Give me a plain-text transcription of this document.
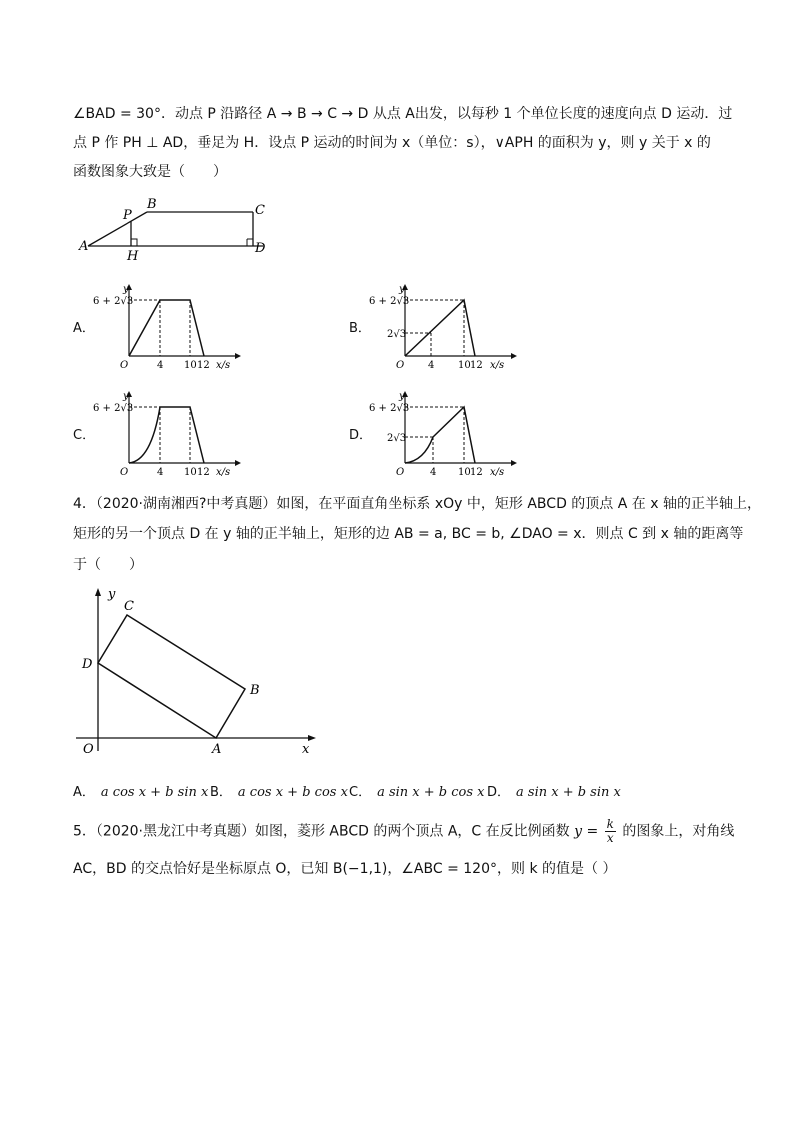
∠BAD = 30°．动点 P 沿路径 A → B → C → D 从点 A出发，以每秒 1 个单位长度的速度向点 D 运动．过
点 P 作 PH ⊥ AD，垂足为 H．设点 P 运动的时间为 x（单位：s），∨APH 的面积为 y，则 y 关于 x 的
函数图象大致是（　　）
P
B	C
A
H
D
A．
y
6 + 2√3
O	4 10 12 x/s
B．
y
6 + 2√3
2√3
O 4 10 12 x/s
C．
y
6 + 2√3
O	4 10 12 x/s
D．
y
6 + 2√3
2√3
O	4 10 12 x/s
4．（2020·湖南湘西?中考真题）如图，在平面直角坐标系 xOy 中，矩形 ABCD 的顶点 A 在 x 轴的正半轴上，
矩形的另一个顶点 D 在 y 轴的正半轴上，矩形的边 AB = a, BC = b, ∠DAO = x．则点 C 到 x 轴的距离等
于（　　）
y
C
D
B
O	A	x
A． a cos x + b sin x B． a cos x + b cos x C． a sin x + b cos x D． a sin x + b sin x
5．（2020·黑龙江中考真题）如图，菱形 ABCD 的两个顶点 A，C 在反比例函数 $y = \frac{k}{x}$ 的图象上，对角线
AC，BD 的交点恰好是坐标原点 O，已知 B(−1,1)，∠ABC = 120°，则 k 的值是（ ）
